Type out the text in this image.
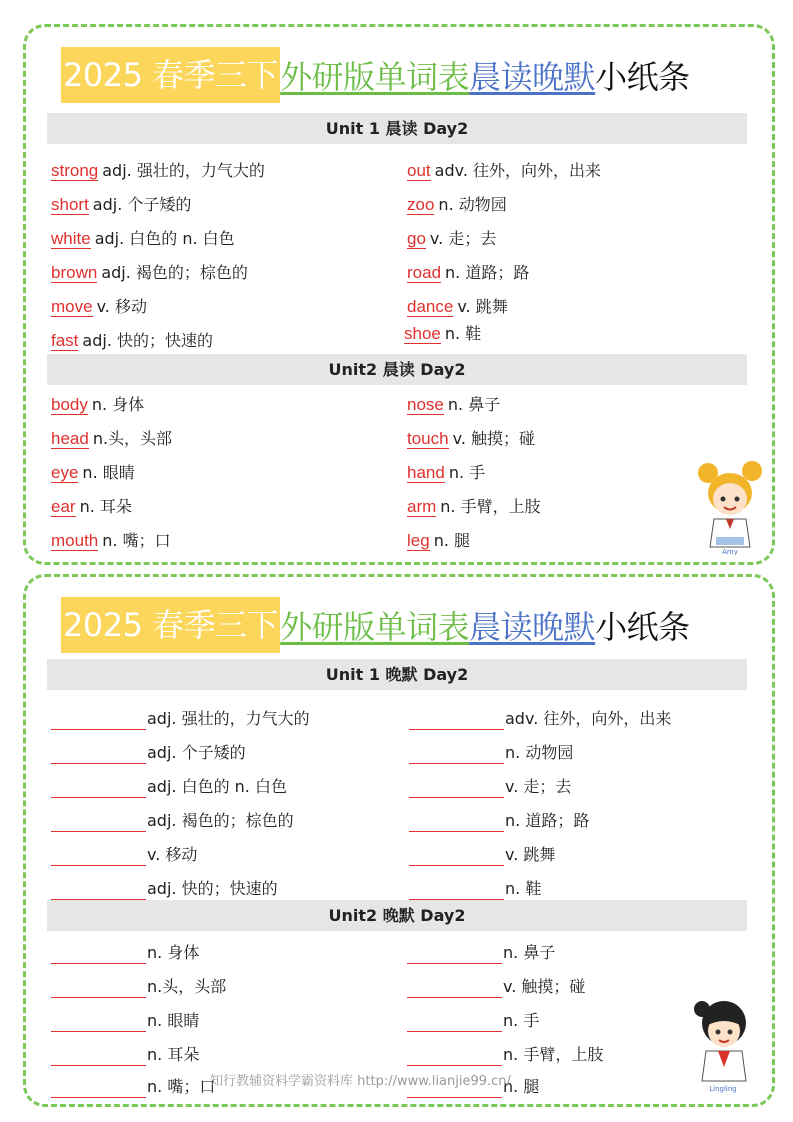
2025 春季三下 外研版单词表 晨读晚默 小纸条
Unit 1 晨读 Day2
strong adj. 强壮的，力气大的
short adj. 个子矮的
white adj. 白色的 n. 白色
brown adj. 褐色的；棕色的
move v. 移动
fast adj. 快的；快速的
out adv. 往外，向外，出来
zoo n. 动物园
go v. 走；去
road n. 道路；路
dance v. 跳舞
shoe n. 鞋
Unit2 晨读 Day2
body n. 身体
head n.头，头部
eye n. 眼睛
ear n. 耳朵
mouth n. 嘴；口
nose n. 鼻子
touch v. 触摸；碰
hand n. 手
arm n. 手臂，上肢
leg n. 腿
Amy
2025 春季三下 外研版单词表 晨读晚默 小纸条
Unit 1 晚默 Day2
adj. 强壮的，力气大的
adj. 个子矮的
adj. 白色的 n. 白色
adj. 褐色的；棕色的
v. 移动
adj. 快的；快速的
adv. 往外，向外，出来
n. 动物园
v. 走；去
n. 道路；路
v. 跳舞
n. 鞋
Unit2 晚默 Day2
n. 身体
n.头，头部
n. 眼睛
n. 耳朵
n. 嘴；口
n. 鼻子
v. 触摸；碰
n. 手
n. 手臂，上肢
n. 腿	Lingling
知行教辅资料学霸资料库 http://www.lianjie99.cn/
